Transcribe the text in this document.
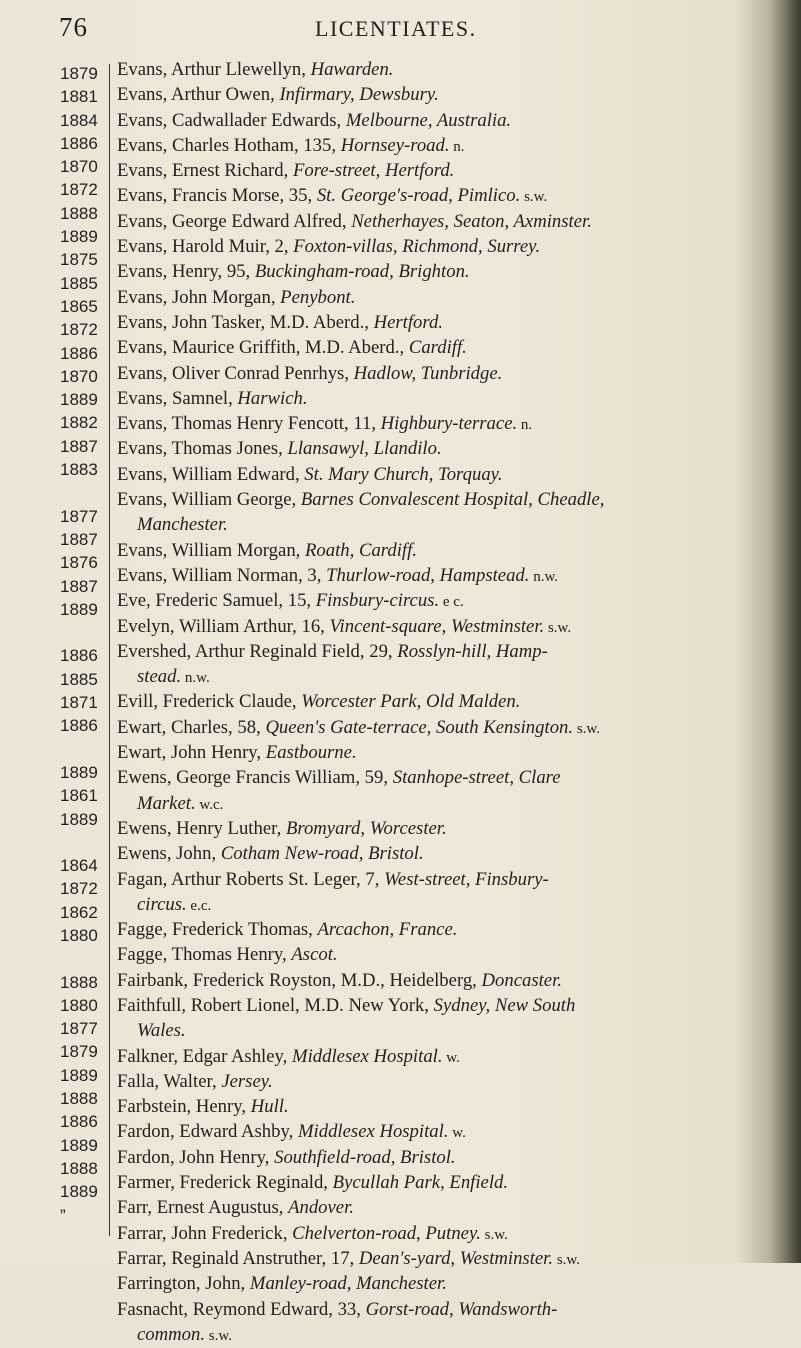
76	LICENTIATES.
1879
1881
1884
1886
1870
1872
1888
1889
1875
1885
1865
1872
1886
1870
1889
1882
1887
1883
1877
1887
1876
1887
1889
1886
1885
1871
1886
1889
1861
1889
1864
1872
1862
1880
1888
1880
1877
1879
1889
1888
1886
1889
1888
1889
”
Evans, Arthur Llewellyn, Hawarden.
Evans, Arthur Owen, Infirmary, Dewsbury.
Evans, Cadwallader Edwards, Melbourne, Australia.
Evans, Charles Hotham, 135, Hornsey-road. n.
Evans, Ernest Richard, Fore-street, Hertford.
Evans, Francis Morse, 35, St. George's-road, Pimlico. s.w.
Evans, George Edward Alfred, Netherhayes, Seaton, Axminster.
Evans, Harold Muir, 2, Foxton-villas, Richmond, Surrey.
Evans, Henry, 95, Buckingham-road, Brighton.
Evans, John Morgan, Penybont.
Evans, John Tasker, M.D. Aberd., Hertford.
Evans, Maurice Griffith, M.D. Aberd., Cardiff.
Evans, Oliver Conrad Penrhys, Hadlow, Tunbridge.
Evans, Samnel, Harwich.
Evans, Thomas Henry Fencott, 11, Highbury-terrace. n.
Evans, Thomas Jones, Llansawyl, Llandilo.
Evans, William Edward, St. Mary Church, Torquay.
Evans, William George, Barnes Convalescent Hospital, Cheadle,
Manchester.
Evans, William Morgan, Roath, Cardiff.
Evans, William Norman, 3, Thurlow-road, Hampstead. n.w.
Eve, Frederic Samuel, 15, Finsbury-circus. e c.
Evelyn, William Arthur, 16, Vincent-square, Westminster. s.w.
Evershed, Arthur Reginald Field, 29, Rosslyn-hill, Hamp-
stead. n.w.
Evill, Frederick Claude, Worcester Park, Old Malden.
Ewart, Charles, 58, Queen's Gate-terrace, South Kensington. s.w.
Ewart, John Henry, Eastbourne.
Ewens, George Francis William, 59, Stanhope-street, Clare
Market. w.c.
Ewens, Henry Luther, Bromyard, Worcester.
Ewens, John, Cotham New-road, Bristol.
Fagan, Arthur Roberts St. Leger, 7, West-street, Finsbury-
circus. e.c.
Fagge, Frederick Thomas, Arcachon, France.
Fagge, Thomas Henry, Ascot.
Fairbank, Frederick Royston, M.D., Heidelberg, Doncaster.
Faithfull, Robert Lionel, M.D. New York, Sydney, New South
Wales.
Falkner, Edgar Ashley, Middlesex Hospital. w.
Falla, Walter, Jersey.
Farbstein, Henry, Hull.
Fardon, Edward Ashby, Middlesex Hospital. w.
Fardon, John Henry, Southfield-road, Bristol.
Farmer, Frederick Reginald, Bycullah Park, Enfield.
Farr, Ernest Augustus, Andover.
Farrar, John Frederick, Chelverton-road, Putney. s.w.
Farrar, Reginald Anstruther, 17, Dean's-yard, Westminster. s.w.
Farrington, John, Manley-road, Manchester.
Fasnacht, Reymond Edward, 33, Gorst-road, Wandsworth-
common. s.w.
